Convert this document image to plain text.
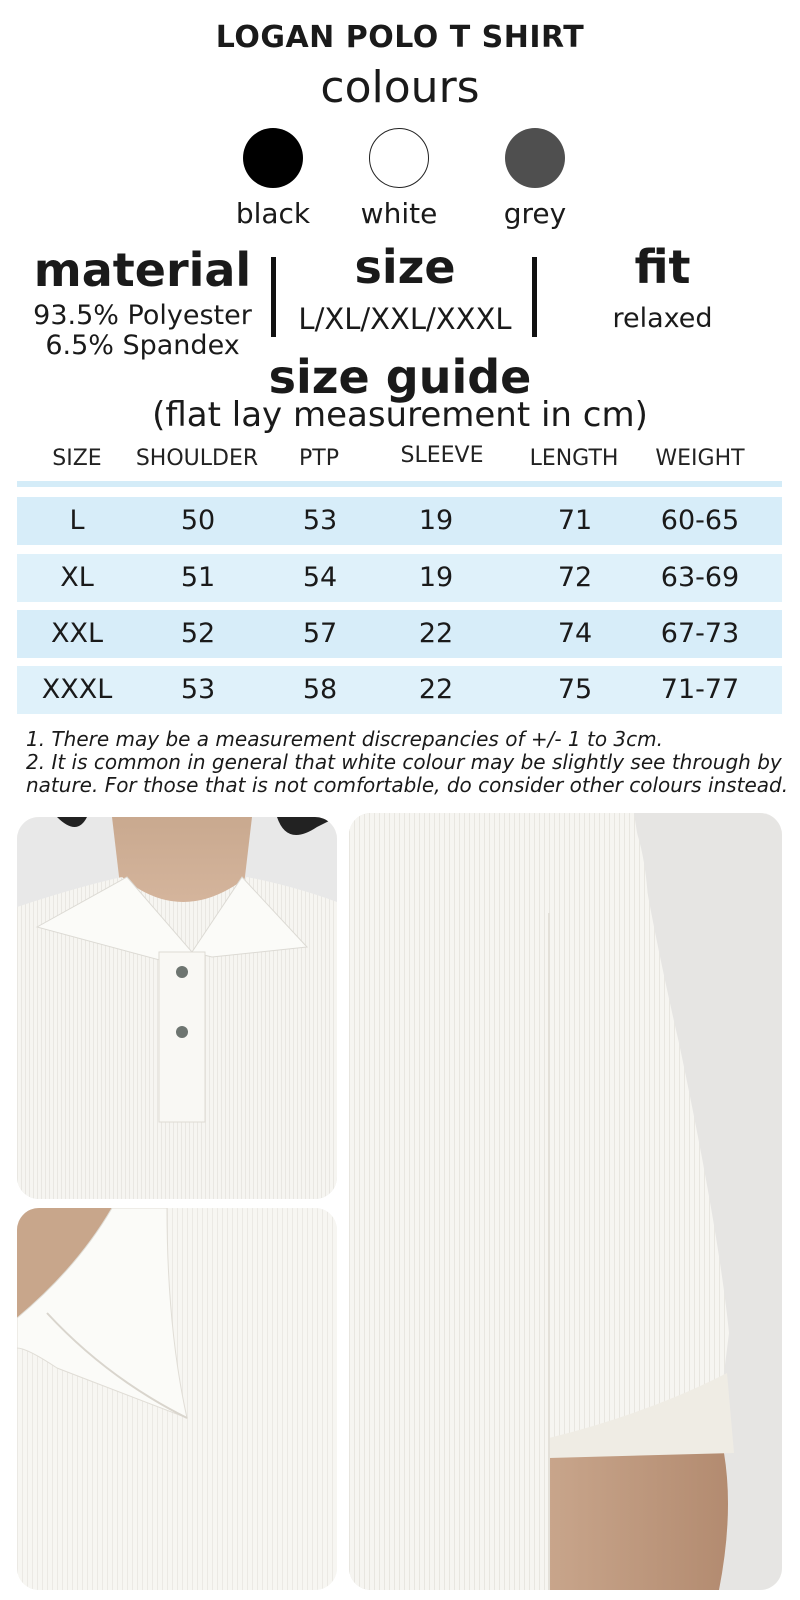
LOGAN POLO T SHIRT
colours
black	white	grey
material
93.5% Polyester
6.5% Spandex
size
L/XL/XXL/XXXL
fit
relaxed
size guide
(flat lay measurement in cm)
SIZE	SHOULDER	PTP	SLEEVE	LENGTH	WEIGHT
L	50	53	19	71	60-65
XL	51	54	19	72	63-69
XXL	52	57	22	74	67-73
XXXL	53	58	22	75	71-77
1. There may be a measurement discrepancies of +/- 1 to 3cm.
2. It is common in general that white colour may be slightly see through by nature. For those that is not comfortable, do consider other colours instead.
